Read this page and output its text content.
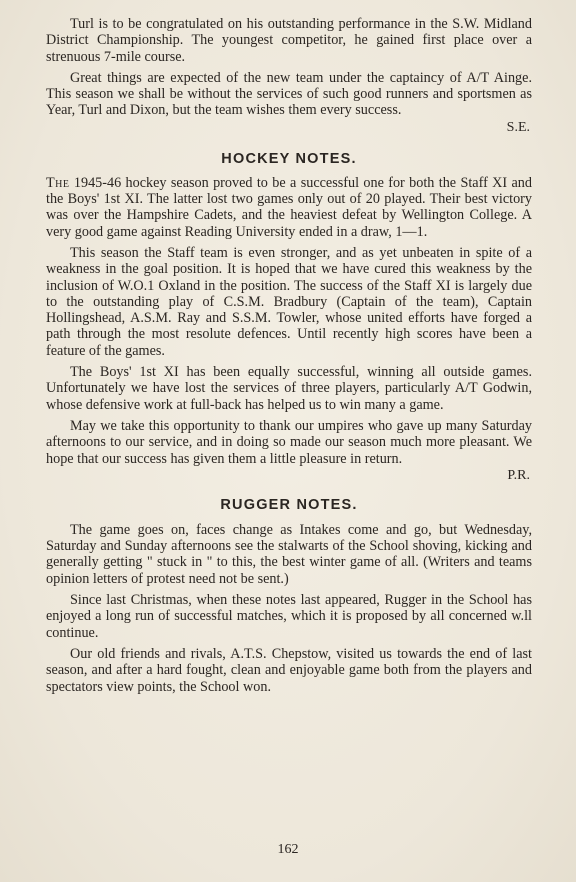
Turl is to be congratulated on his outstanding performance in the S.W. Midland District Championship. The youngest competitor, he gained first place over a strenuous 7-mile course.

Great things are expected of the new team under the captaincy of A/T Ainge. This season we shall be without the services of such good runners and sportsmen as Year, Turl and Dixon, but the team wishes them every success.

S.E.
HOCKEY NOTES.

The 1945-46 hockey season proved to be a successful one for both the Staff XI and the Boys' 1st XI. The latter lost two games only out of 20 played. Their best victory was over the Hampshire Cadets, and the heaviest defeat by Wellington College. A very good game against Reading University ended in a draw, 1—1.

This season the Staff team is even stronger, and as yet unbeaten in spite of a weakness in the goal position. It is hoped that we have cured this weakness by the inclusion of W.O.1 Oxland in the position. The success of the Staff XI is largely due to the outstanding play of C.S.M. Bradbury (Captain of the team), Captain Hollingshead, A.S.M. Ray and S.S.M. Towler, whose united efforts have forged a path through the most resolute defences. Until recently high scores have been a feature of the games.

The Boys' 1st XI has been equally successful, winning all outside games. Unfortunately we have lost the services of three players, particularly A/T Godwin, whose defensive work at full-back has helped us to win many a game.

May we take this opportunity to thank our umpires who gave up many Saturday afternoons to our service, and in doing so made our season much more pleasant. We hope that our success has given them a little pleasure in return.

P.R.
RUGGER NOTES.

The game goes on, faces change as Intakes come and go, but Wednesday, Saturday and Sunday afternoons see the stalwarts of the School shoving, kicking and generally getting " stuck in " to this, the best winter game of all. (Writers and teams opinion letters of protest need not be sent.)

Since last Christmas, when these notes last appeared, Rugger in the School has enjoyed a long run of successful matches, which it is proposed by all concerned w.ll continue.

Our old friends and rivals, A.T.S. Chepstow, visited us towards the end of last season, and after a hard fought, clean and enjoyable game both from the players and spectators view points, the School won.

162
